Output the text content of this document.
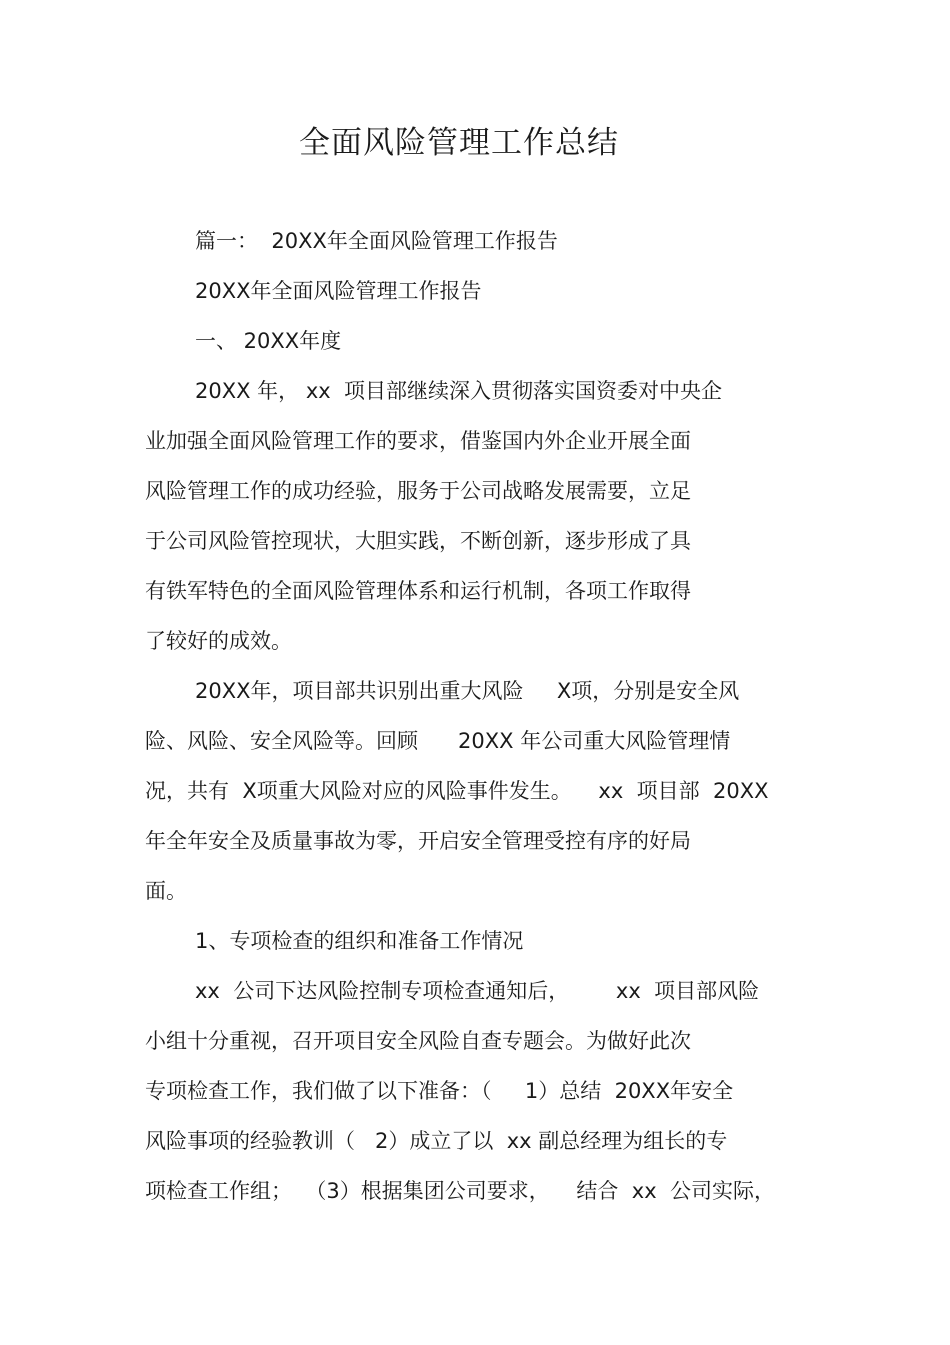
全面风险管理工作总结
篇一：  20XX年全面风险管理工作报告
20XX年全面风险管理工作报告
一、 20XX年度
20XX 年， xx  项目部继续深入贯彻落实国资委对中央企
业加强全面风险管理工作的要求，借鉴国内外企业开展全面
风险管理工作的成功经验，服务于公司战略发展需要，立足
于公司风险管控现状，大胆实践，不断创新，逐步形成了具
有铁军特色的全面风险管理体系和运行机制，各项工作取得
了较好的成效。
20XX年，项目部共识别出重大风险     X项，分别是安全风
险、风险、安全风险等。回顾      20XX 年公司重大风险管理情
况，共有  X项重大风险对应的风险事件发生。    xx  项目部  20XX
年全年安全及质量事故为零，开启安全管理受控有序的好局
面。
1、专项检查的组织和准备工作情况
xx  公司下达风险控制专项检查通知后，       xx  项目部风险
小组十分重视，召开项目安全风险自查专题会。为做好此次
专项检查工作，我们做了以下准备：（     1）总结  20XX年安全
风险事项的经验教训（   2）成立了以  xx 副总经理为组长的专
项检查工作组；  （3）根据集团公司要求，    结合  xx  公司实际，
